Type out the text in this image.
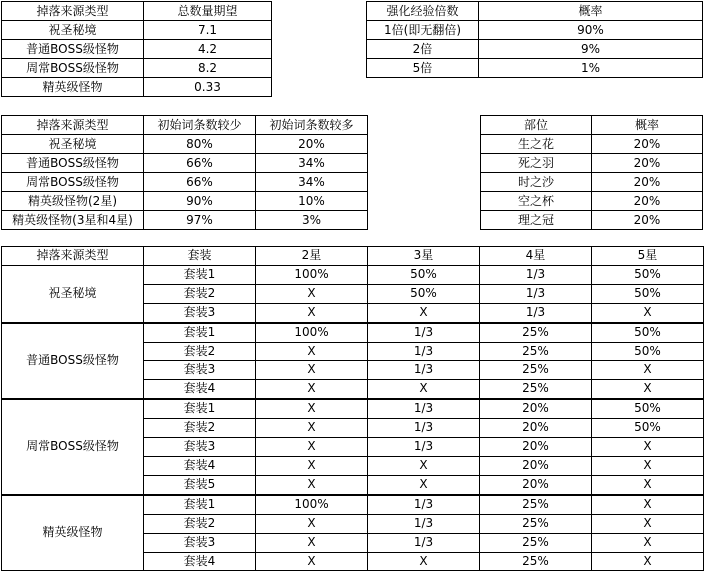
掉落来源类型	总数量期望
祝圣秘境	7.1
普通BOSS级怪物	4.2
周常BOSS级怪物	8.2
精英级怪物	0.33
强化经验倍数	概率
1倍(即无翻倍)	90%
2倍	9%
5倍	1%
掉落来源类型	初始词条数较少	初始词条数较多
祝圣秘境	80%	20%
普通BOSS级怪物	66%	34%
周常BOSS级怪物	66%	34%
精英级怪物(2星)	90%	10%
精英级怪物(3星和4星)	97%	3%
部位	概率
生之花	20%
死之羽	20%
时之沙	20%
空之杯	20%
理之冠	20%
掉落来源类型	套装	2星	3星	4星	5星
祝圣秘境	套装1	100%	50%	1/3	50%
	套装2	X	50%	1/3	50%
	套装3	X	X	1/3	X
普通BOSS级怪物	套装1	100%	1/3	25%	50%
	套装2	X	1/3	25%	50%
	套装3	X	1/3	25%	X
	套装4	X	X	25%	X
周常BOSS级怪物	套装1	X	1/3	20%	50%
	套装2	X	1/3	20%	50%
	套装3	X	1/3	20%	X
	套装4	X	X	20%	X
	套装5	X	X	20%	X
精英级怪物	套装1	100%	1/3	25%	X
	套装2	X	1/3	25%	X
	套装3	X	1/3	25%	X
	套装4	X	X	25%	X
